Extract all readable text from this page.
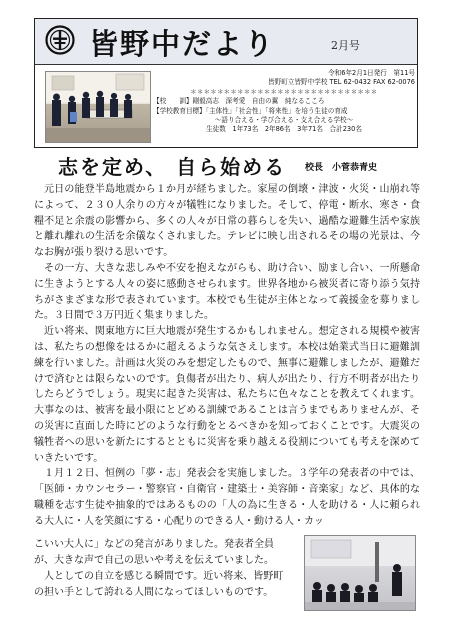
皆野中だより	2月号
令和6年2月1日発行　第11号
皆野町立皆野中学校 TEL 62-0432 FAX 62-0076
＊＊＊＊＊＊＊＊＊＊＊＊＊＊＊＊＊＊＊＊＊＊＊＊＊＊＊＊
【校　　訓】剛毅高志　深考愛　自由の翼　純なるこころ
【学校教育目標】「主体性」「社会性」「将来性」を培う生徒の育成
～語り合える・学び合える・支え合える学校～
生徒数　1年73名　2年86名　3年71名　合計230名
志を定め、 自ら始める 校長　小菅恭青史

元日の能登半島地震から１か月が経ちました。家屋の倒壊・津波・火災・山崩れ等によって、２３０人余りの方々が犠牲になりました。そして、停電・断水、寒さ・食糧不足と余震の影響から、多くの人々が日常の暮らしを失い、過酷な避難生活や家族と離れ離れの生活を余儀なくされました。テレビに映し出されるその場の光景は、今なお胸が張り裂ける思いです。

その一方、大きな悲しみや不安を抱えながらも、助け合い、励まし合い、一所懸命に生きようとする人々の姿に感動させられます。世界各地から被災者に寄り添う気持ちがさまざまな形で表されています。本校でも生徒が主体となって義援金を募りました。３日間で３万円近く集まりました。

近い将来、関東地方に巨大地震が発生するかもしれません。想定される規模や被害は、私たちの想像をはるかに超えるような気さえします。本校は始業式当日に避難訓練を行いました。計画は火災のみを想定したもので、無事に避難しましたが、避難だけで済むとは限らないのです。負傷者が出たり、病人が出たり、行方不明者が出たりしたらどうでしょう。現実に起きた災害は、私たちに色々なことを教えてくれます。大事なのは、被害を最小限にとどめる訓練であることは言うまでもありませんが、その災害に直面した時にどのような行動をとるべきかを知っておくことです。大震災の犠牲者への思いを新たにするとともに災害を乗り越える役割についても考えを深めていきたいです。

１月１２日、恒例の「夢・志」発表会を実施しました。３学年の発表者の中では、「医師・カウンセラー・警察官・自衛官・建築士・美容師・音楽家」など、具体的な職種を志す生徒や抽象的ではあるものの「人の為に生きる・人を助ける・人に頼られる大人に・人を笑顔にする・心配りのできる人・動ける人・カッ

こいい大人に」などの発言がありました。発表者全員
が、大きな声で自己の思いや考えを伝えていました。
　人としての自立を感じる瞬間です。近い将来、皆野町
の担い手として誇れる人間になってほしいものです。
